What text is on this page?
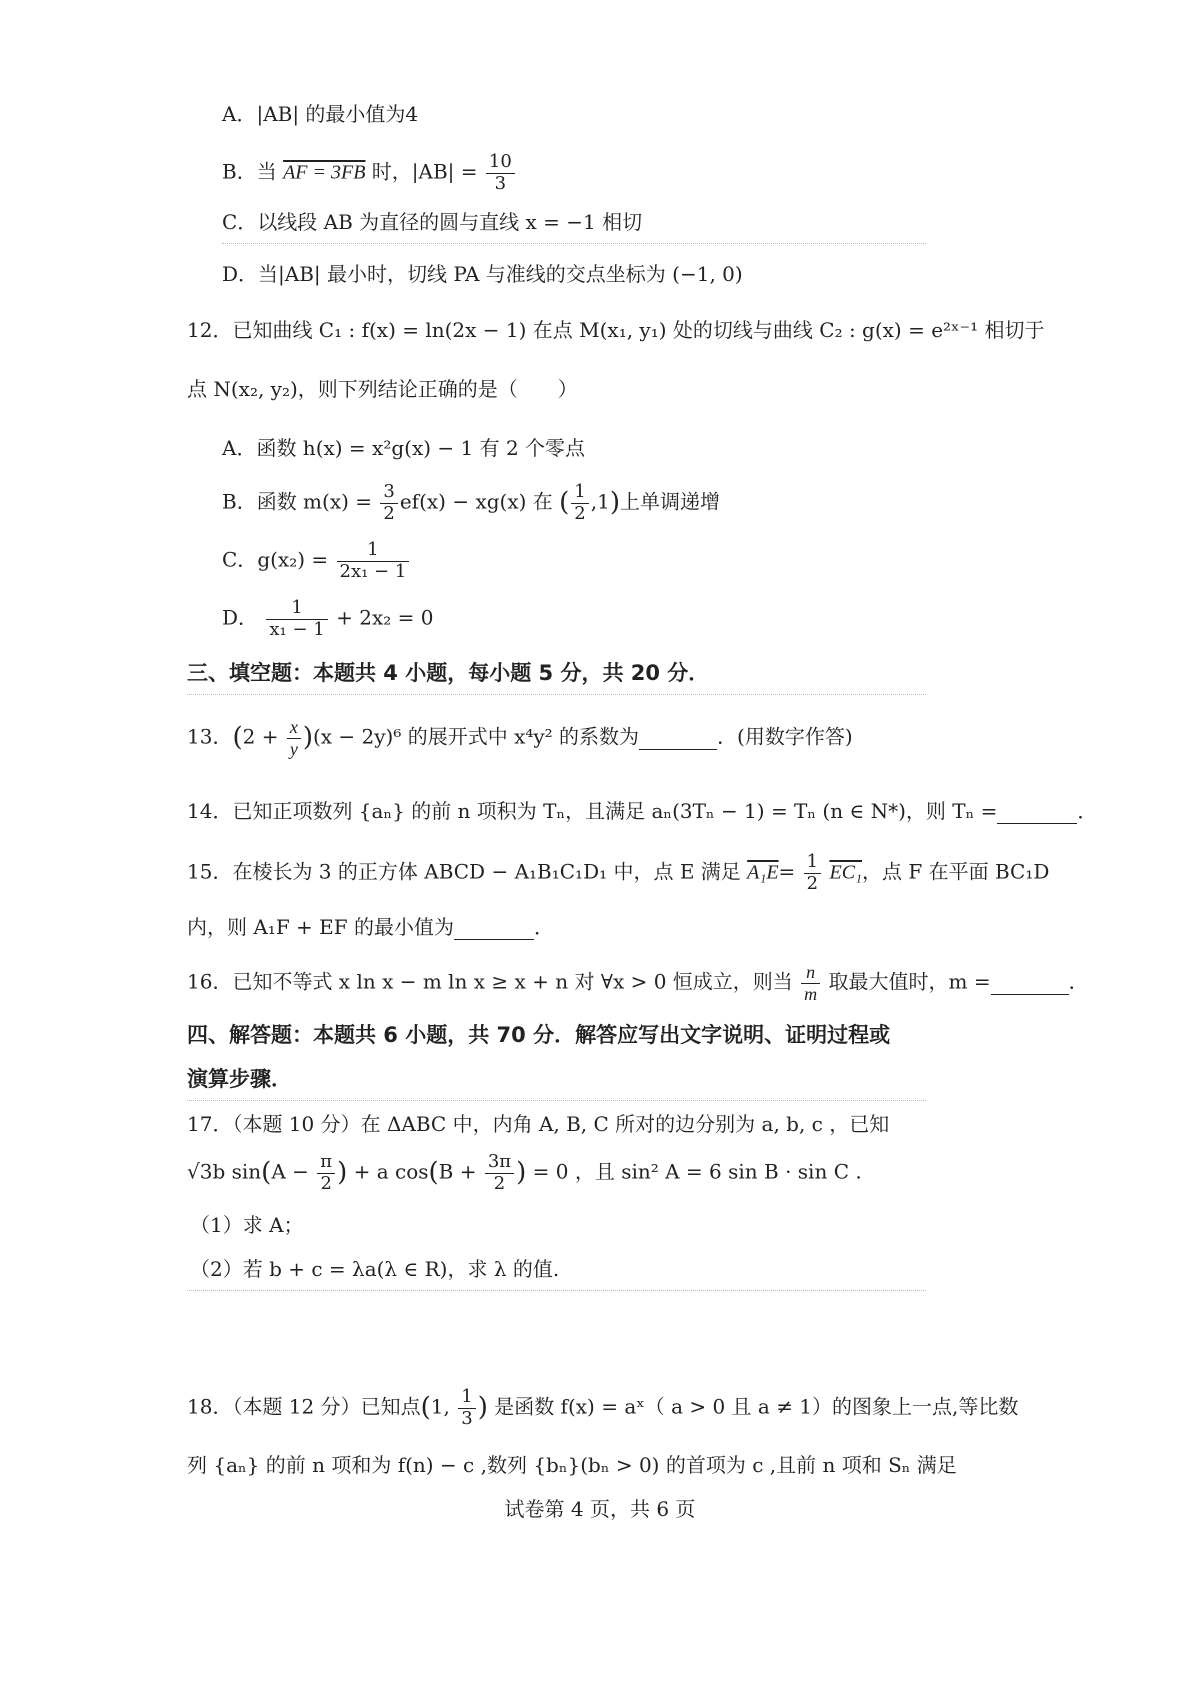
A．|AB| 的最小值为4
B．当 AF = 3FB 时，$|AB| = \frac{10}{3}$
C．以线段 AB 为直径的圆与直线 x = −1 相切
D．当|AB| 最小时，切线 PA 与准线的交点坐标为 (−1, 0)
12．已知曲线 C₁ : f(x) = ln(2x − 1) 在点 M(x₁, y₁) 处的切线与曲线 C₂ : g(x) = e²ˣ⁻¹ 相切于
点 N(x₂, y₂)，则下列结论正确的是（　　）
A．函数 h(x) = x²g(x) − 1 有 2 个零点
B．函数 $m(x) = \frac{3}{2} ef(x) - xg(x)$ 在 ( $\frac{1}{2} ,1$)上单调递增
C．$g(x_2) = \frac{1}{\text{2x₁ − 1}}$
D． $\frac{1}{\text{x₁ − 1}} + 2x_2 = 0$
三、填空题：本题共 4 小题，每小题 5 分，共 20 分．
13．$(2 + \frac{x}{y} )(x - 2y)^6$ 的展开式中 x⁴y² 的系数为	．(用数字作答)
14．已知正项数列 {aₙ} 的前 n 项积为 Tₙ，且满足 aₙ(3Tₙ − 1) = Tₙ (n ∈ N*)，则 Tₙ =	．
15．在棱长为 3 的正方体 ABCD − A₁B₁C₁D₁ 中，点 E 满足 $A_1E= \frac{1}{2} EC_1$，点 F 在平面 BC₁D
内，则 A₁F + EF 的最小值为	．
16．已知不等式 x ln x − m ln x ≥ x + n 对 ∀x > 0 恒成立，则当 $\frac{n}{m}$ 取最大值时，m =	．
四、解答题：本题共 6 小题，共 70 分．解答应写出文字说明、证明过程或
演算步骤．
17．（本题 10 分）在 ΔABC 中，内角 A, B, C 所对的边分别为 a, b, c ，已知
√3b $\sin(A - \frac{\pi}{2}$ ) + a $\cos(B + \frac{3\pi}{2}$ ) = 0 ，且 sin² A = 6 sin B · sin C .
（1）求 A；
（2）若 b + c = λa(λ ∈ R)，求 λ 的值.
18．（本题 12 分）已知点(1, $\frac{1}{3}$ ) 是函数 f(x) = aˣ（ a > 0 且 a ≠ 1）的图象上一点,等比数
列 {aₙ} 的前 n 项和为 f(n) − c ,数列 {bₙ}(bₙ > 0) 的首项为 c ,且前 n 项和 Sₙ 满足
试卷第 4 页，共 6 页
